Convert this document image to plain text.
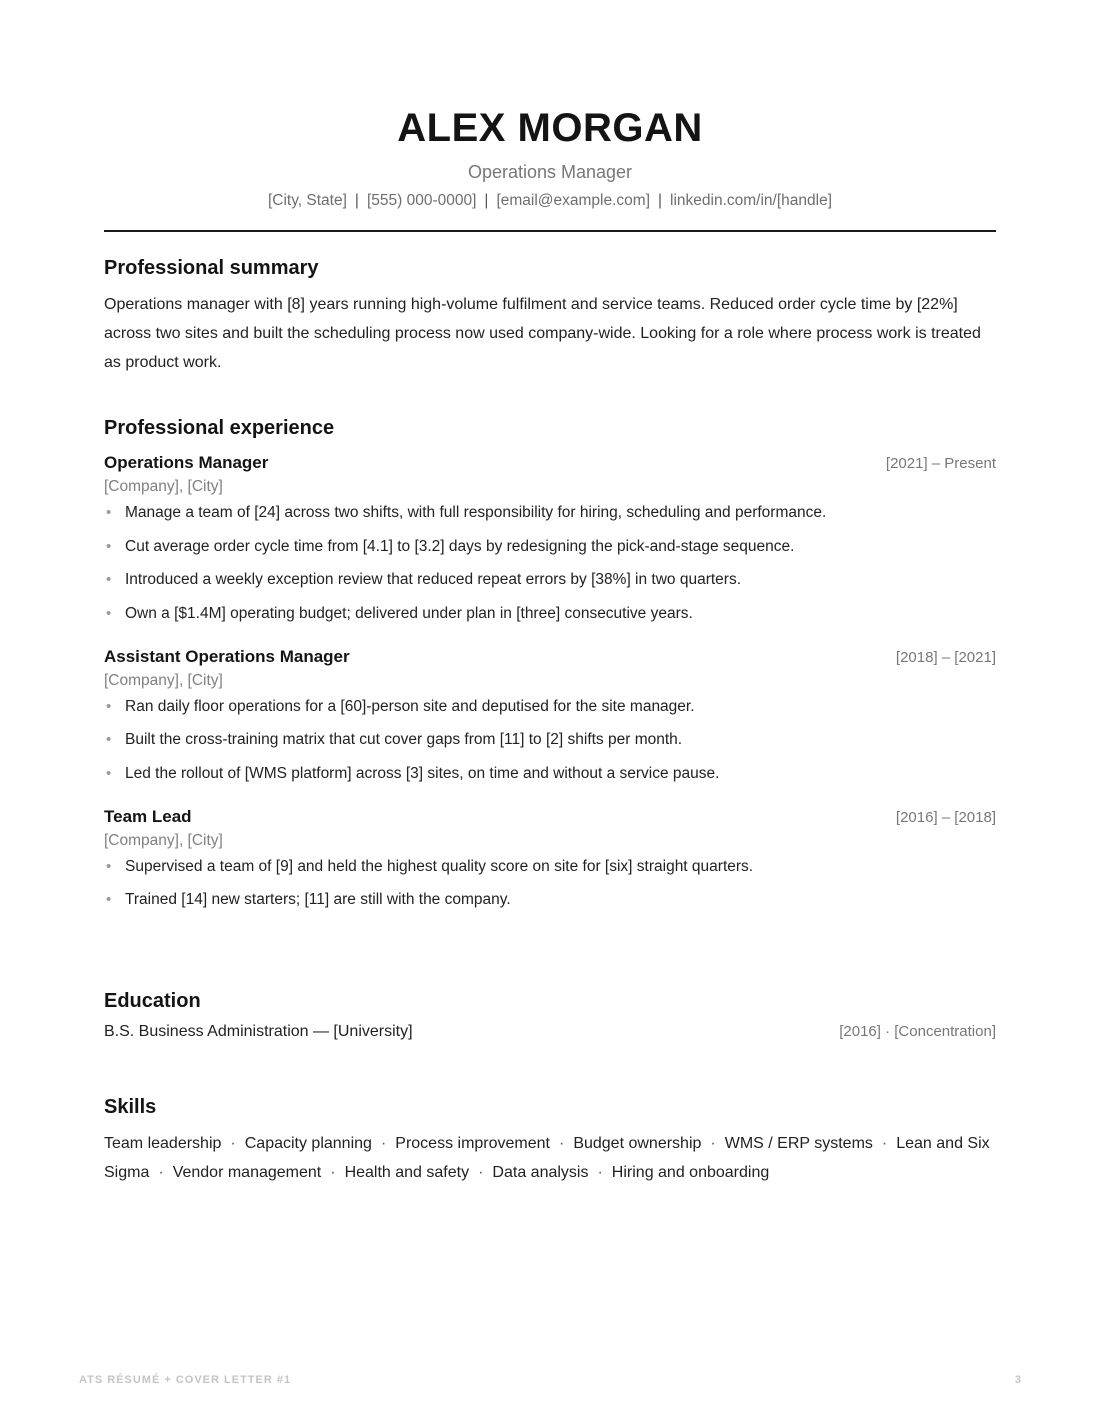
ALEX MORGAN
Operations Manager
[City, State] | [555) 000-0000] | [email@example.com] | linkedin.com/in/[handle]
Professional summary

Operations manager with [8] years running high-volume fulfilment and service teams. Reduced order cycle time by [22%] across two sites and built the scheduling process now used company-wide. Looking for a role where process work is treated as product work.

Professional experience
Operations Manager	[2021] – Present
[Company], [City]
• Manage a team of [24] across two shifts, with full responsibility for hiring, scheduling and performance.
• Cut average order cycle time from [4.1] to [3.2] days by redesigning the pick-and-stage sequence.
• Introduced a weekly exception review that reduced repeat errors by [38%] in two quarters.
• Own a [$1.4M] operating budget; delivered under plan in [three] consecutive years.
Assistant Operations Manager	[2018] – [2021]
[Company], [City]
• Ran daily floor operations for a [60]-person site and deputised for the site manager.
• Built the cross-training matrix that cut cover gaps from [11] to [2] shifts per month.
• Led the rollout of [WMS platform] across [3] sites, on time and without a service pause.
Team Lead	[2016] – [2018]
[Company], [City]
• Supervised a team of [9] and held the highest quality score on site for [six] straight quarters.
• Trained [14] new starters; [11] are still with the company.
Education
B.S. Business Administration — [University]	[2016] · [Concentration]
Skills
Team leadership · Capacity planning · Process improvement · Budget ownership · WMS / ERP systems · Lean and Six Sigma · Vendor management · Health and safety · Data analysis · Hiring and onboarding
ATS RÉSUMÉ + COVER LETTER #1	3
